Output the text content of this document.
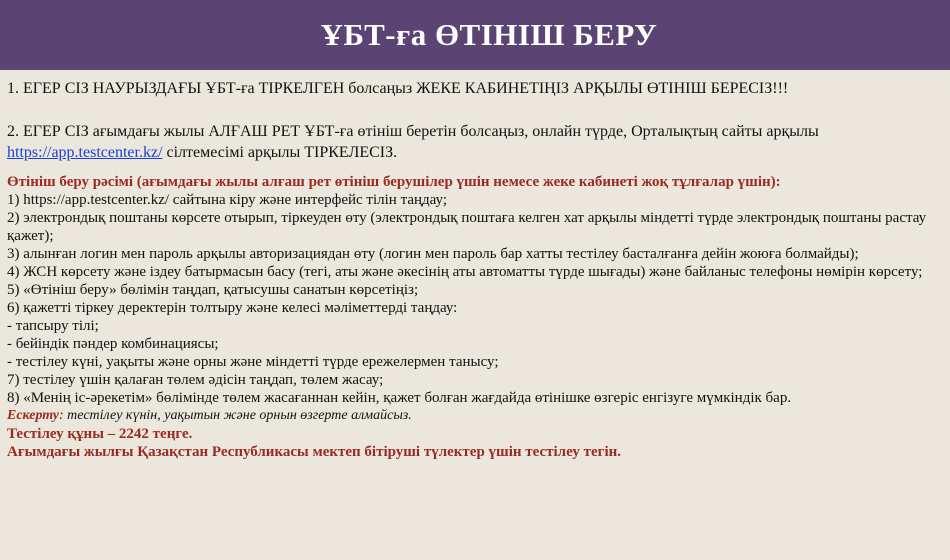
ҰБТ-ға ӨТІНІШ БЕРУ

1. ЕГЕР СІЗ НАУРЫЗДАҒЫ ҰБТ-ға ТІРКЕЛГЕН болсаңыз ЖЕКЕ КАБИНЕТІҢІЗ АРҚЫЛЫ ӨТІНІШ БЕРЕСІЗ!!!

2. ЕГЕР СІЗ ағымдағы жылы АЛҒАШ РЕТ ҰБТ-ға өтініш беретін болсаңыз, онлайн түрде, Орталықтың сайты арқылы https://app.testcenter.kz/ сілтемесімі арқылы ТІРКЕЛЕСІЗ.

Өтініш беру рәсімі (ағымдағы жылы алғаш рет өтініш берушілер үшін немесе жеке кабинеті жоқ тұлғалар үшін):

1) https://app.testcenter.kz/ сайтына кіру және интерфейс тілін таңдау;
2) электрондық поштаны көрсете отырып, тіркеуден өту (электрондық поштаға келген хат арқылы міндетті түрде электрондық поштаны растау қажет);
3) алынған логин мен пароль арқылы авторизациядан өту (логин мен пароль бар хатты тестілеу басталғанға дейін жоюға болмайды);
4) ЖСН көрсету және іздеу батырмасын басу (тегі, аты және әкесінің аты автоматты түрде шығады) және байланыс телефоны нөмірін көрсету;
5) «Өтініш беру» бөлімін таңдап, қатысушы санатын көрсетіңіз;
6) қажетті тіркеу деректерін толтыру және келесі мәліметтерді таңдау:
- тапсыру тілі;
- бейіндік пәндер комбинациясы;
- тестілеу күні, уақыты және орны және міндетті түрде ережелермен танысу;
7) тестілеу үшін қалаған төлем әдісін таңдап, төлем жасау;
8) «Менің іс-әрекетім» бөлімінде төлем жасағаннан кейін, қажет болған жағдайда өтінішке өзгеріс енгізуге мүмкіндік бар.
Ескерту: тестілеу күнін, уақытын және орнын өзгерте алмайсыз.
Тестілеу құны – 2242 теңге.
Ағымдағы жылғы Қазақстан Республикасы мектеп бітіруші түлектер үшін тестілеу тегін.
